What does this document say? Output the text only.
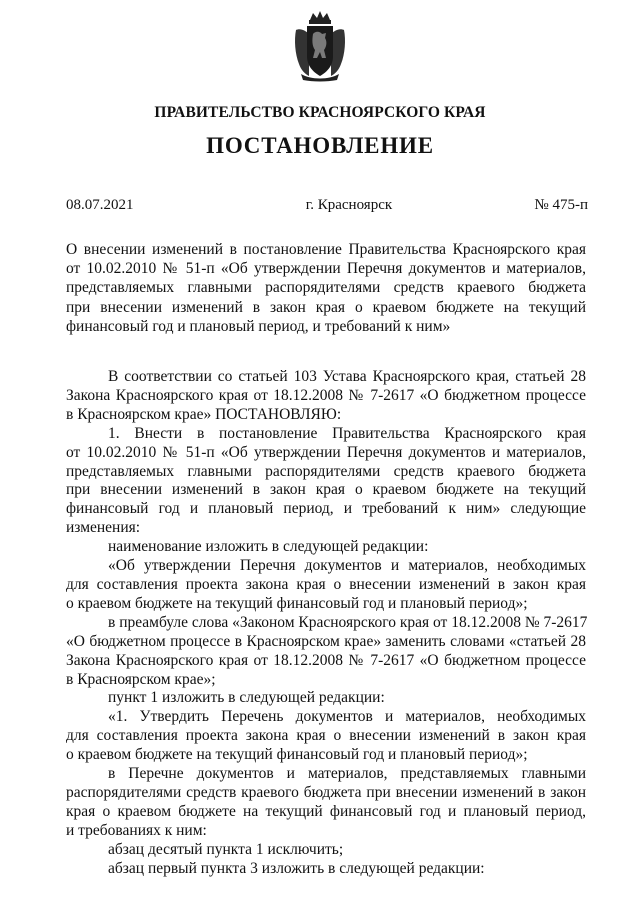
ПРАВИТЕЛЬСТВО КРАСНОЯРСКОГО КРАЯ
ПОСТАНОВЛЕНИЕ
08.07.2021	г. Красноярск	№ 475-п
О внесении изменений в постановление Правительства Красноярского края
от 10.02.2010 № 51-п «Об утверждении Перечня документов и материалов,
представляемых главными распорядителями средств краевого бюджета
при внесении изменений в закон края о краевом бюджете на текущий
финансовый год и плановый период, и требований к ним»
В соответствии со статьей 103 Устава Красноярского края, статьей 28
Закона Красноярского края от 18.12.2008 № 7-2617 «О бюджетном процессе
в Красноярском крае» ПОСТАНОВЛЯЮ:
1. Внести в постановление Правительства Красноярского края
от 10.02.2010 № 51-п «Об утверждении Перечня документов и материалов,
представляемых главными распорядителями средств краевого бюджета
при внесении изменений в закон края о краевом бюджете на текущий
финансовый год и плановый период, и требований к ним» следующие
изменения:
наименование изложить в следующей редакции:
«Об утверждении Перечня документов и материалов, необходимых
для составления проекта закона края о внесении изменений в закон края
о краевом бюджете на текущий финансовый год и плановый период»;
в преамбуле слова «Законом Красноярского края от 18.12.2008 № 7-2617
«О бюджетном процессе в Красноярском крае» заменить словами «статьей 28
Закона Красноярского края от 18.12.2008 № 7-2617 «О бюджетном процессе
в Красноярском крае»;
пункт 1 изложить в следующей редакции:
«1. Утвердить Перечень документов и материалов, необходимых
для составления проекта закона края о внесении изменений в закон края
о краевом бюджете на текущий финансовый год и плановый период»;
в Перечне документов и материалов, представляемых главными
распорядителями средств краевого бюджета при внесении изменений в закон
края о краевом бюджете на текущий финансовый год и плановый период,
и требованиях к ним:
абзац десятый пункта 1 исключить;
абзац первый пункта 3 изложить в следующей редакции:
